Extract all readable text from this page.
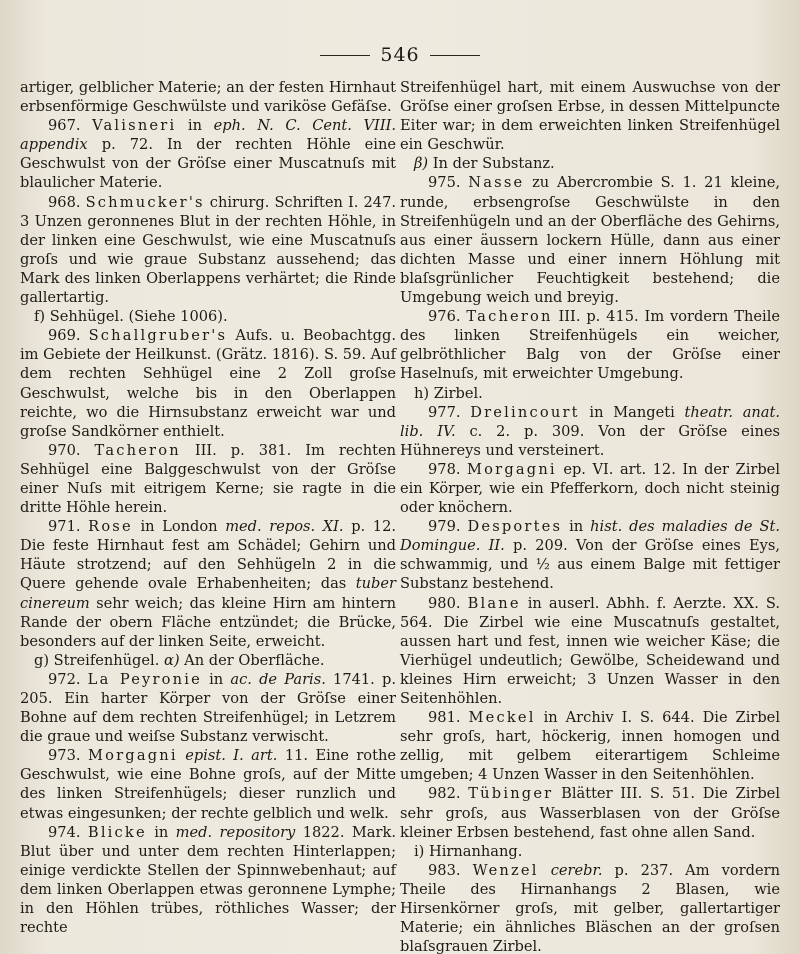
546

artiger, gelblicher Materie; an der festen Hirnhaut erbsenförmige Geschwülste und variköse Gefäſse.

967. Valisneri in eph. N. C. Cent. VIII. appendix p. 72. In der rechten Höhle eine Geschwulst von der Gröſse einer Muscatnuſs mit blaulicher Materie.

968. Schmucker's chirurg. Schriften I. 247. 3 Unzen geronnenes Blut in der rechten Höhle, in der linken eine Geschwulst, wie eine Muscatnuſs groſs und wie graue Substanz aussehend; das Mark des linken Oberlappens verhärtet; die Rinde gallertartig.

f) Sehhügel. (Siehe 1006).

969. Schallgruber's Aufs. u. Beobachtgg. im Gebiete der Heilkunst. (Grätz. 1816). S. 59. Auf dem rechten Sehhügel eine 2 Zoll groſse Geschwulst, welche bis in den Oberlappen reichte, wo die Hirnsubstanz erweicht war und groſse Sandkörner enthielt.

970. Tacheron III. p. 381. Im rechten Sehhügel eine Balggeschwulst von der Gröſse einer Nuſs mit eitrigem Kerne; sie ragte in die dritte Höhle herein.

971. Rose in London med. repos. XI. p. 12. Die feste Hirnhaut fest am Schädel; Gehirn und Häute strotzend; auf den Sehhügeln 2 in die Quere gehende ovale Erhabenheiten; das tuber cinereum sehr weich; das kleine Hirn am hintern Rande der obern Fläche entzündet; die Brücke, besonders auf der linken Seite, erweicht.

g) Streifenhügel. α) An der Oberfläche.

972. La Peyronie in ac. de Paris. 1741. p. 205. Ein harter Körper von der Gröſse einer Bohne auf dem rechten Streifenhügel; in Letzrem die graue und weiſse Substanz verwischt.

973. Morgagni epist. I. art. 11. Eine rothe Geschwulst, wie eine Bohne groſs, auf der Mitte des linken Streifenhügels; dieser runzlich und etwas eingesunken; der rechte gelblich und welk.

974. Blicke in med. repository 1822. Mark. Blut über und unter dem rechten Hinterlappen; einige verdickte Stellen der Spinnwebenhaut; auf dem linken Oberlappen etwas geronnene Lymphe; in den Höhlen trübes, röthliches Wasser; der rechte

Streifenhügel hart, mit einem Auswuchse von der Gröſse einer groſsen Erbse, in dessen Mittelpuncte Eiter war; in dem erweichten linken Streifenhügel ein Geschwür.

β) In der Substanz.

975. Nasse zu Abercrombie S. 1. 21 kleine, runde, erbsengroſse Geschwülste in den Streifenhügeln und an der Oberfläche des Gehirns, aus einer äussern lockern Hülle, dann aus einer dichten Masse und einer innern Höhlung mit blaſsgrünlicher Feuchtigkeit bestehend; die Umgebung weich und breyig.

976. Tacheron III. p. 415. Im vordern Theile des linken Streifenhügels ein weicher, gelbröthlicher Balg von der Gröſse einer Haselnuſs, mit erweichter Umgebung.

h) Zirbel.

977. Drelincourt in Mangeti theatr. anat. lib. IV. c. 2. p. 309. Von der Gröſse eines Hühnereys und versteinert.

978. Morgagni ep. VI. art. 12. In der Zirbel ein Körper, wie ein Pfefferkorn, doch nicht steinig oder knöchern.

979. Desportes in hist. des maladies de St. Domingue. II. p. 209. Von der Gröſse eines Eys, schwammig, und ½ aus einem Balge mit fettiger Substanz bestehend.

980. Blane in auserl. Abhh. f. Aerzte. XX. S. 564. Die Zirbel wie eine Muscatnuſs gestaltet, aussen hart und fest, innen wie weicher Käse; die Vierhügel undeutlich; Gewölbe, Scheidewand und kleines Hirn erweicht; 3 Unzen Wasser in den Seitenhöhlen.

981. Meckel in Archiv I. S. 644. Die Zirbel sehr groſs, hart, höckerig, innen homogen und zellig, mit gelbem eiterartigem Schleime umgeben; 4 Unzen Wasser in den Seitenhöhlen.

982. Tübinger Blätter III. S. 51. Die Zirbel sehr groſs, aus Wasserblasen von der Gröſse kleiner Erbsen bestehend, fast ohne allen Sand.

i) Hirnanhang.

983. Wenzel cerebr. p. 237. Am vordern Theile des Hirnanhangs 2 Blasen, wie Hirsenkörner groſs, mit gelber, gallertartiger Materie; ein ähnliches Bläschen an der groſsen blaſsgrauen Zirbel.
